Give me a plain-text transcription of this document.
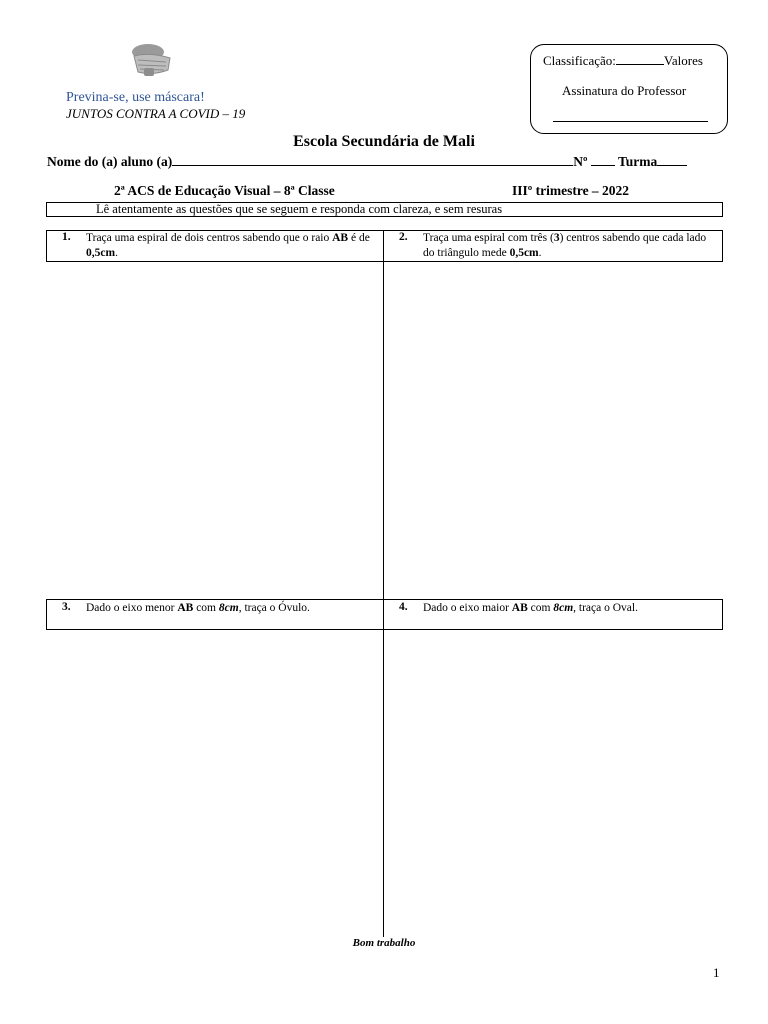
Previna-se, use máscara!
JUNTOS CONTRA A COVID – 19
Classificação:	Valores
Assinatura do Professor
Escola Secundária de Mali
Nome do (a) aluno (a)	Nº Turma
2ª ACS de Educação Visual – 8ª Classe	IIIº trimestre – 2022
Lê atentamente as questões que se seguem e responda com clareza, e sem resuras
1. Traça uma espiral de dois centros sabendo que o raio AB é de 0,5cm.
2. Traça uma espiral com três (3) centros sabendo que cada lado do triângulo mede 0,5cm.
3. Dado o eixo menor AB com 8cm, traça o Óvulo.	4. Dado o eixo maior AB com 8cm, traça o Oval.
Bom trabalho
1
